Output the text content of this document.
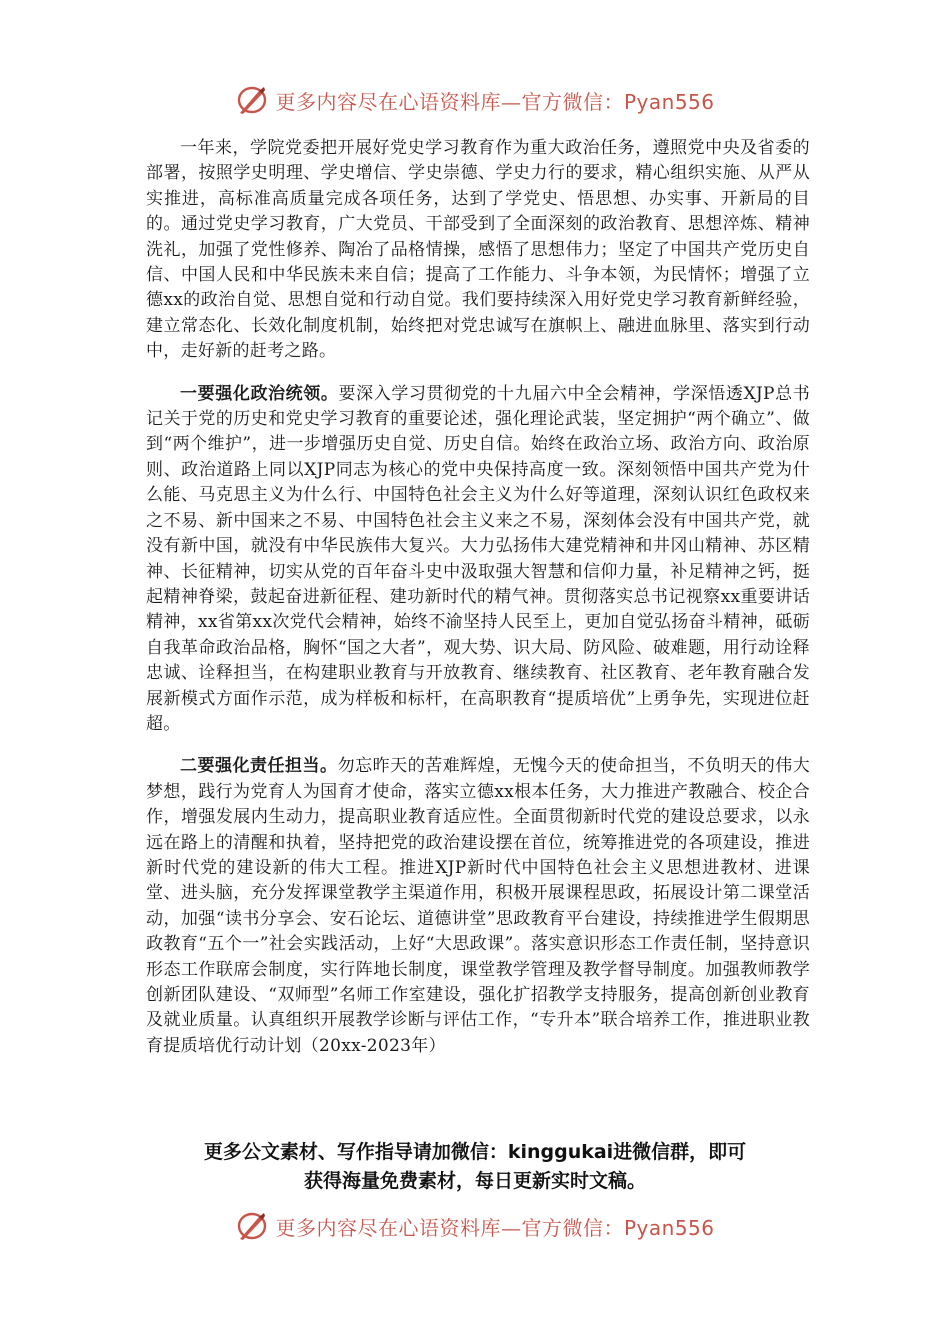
更多内容尽在心语资料库—官方微信：Pyan556

一年来，学院党委把开展好党史学习教育作为重大政治任务，遵照党中央及省委的部署，按照学史明理、学史增信、学史崇德、学史力行的要求，精心组织实施、从严从实推进，高标准高质量完成各项任务，达到了学党史、悟思想、办实事、开新局的目的。通过党史学习教育，广大党员、干部受到了全面深刻的政治教育、思想淬炼、精神洗礼，加强了党性修养、陶冶了品格情操，感悟了思想伟力；坚定了中国共产党历史自信、中国人民和中华民族未来自信；提高了工作能力、斗争本领，为民情怀；增强了立德xx的政治自觉、思想自觉和行动自觉。我们要持续深入用好党史学习教育新鲜经验，建立常态化、长效化制度机制，始终把对党忠诚写在旗帜上、融进血脉里、落实到行动中，走好新的赶考之路。

一要强化政治统领。要深入学习贯彻党的十九届六中全会精神，学深悟透XJP总书记关于党的历史和党史学习教育的重要论述，强化理论武装，坚定拥护“两个确立”、做到“两个维护”，进一步增强历史自觉、历史自信。始终在政治立场、政治方向、政治原则、政治道路上同以XJP同志为核心的党中央保持高度一致。深刻领悟中国共产党为什么能、马克思主义为什么行、中国特色社会主义为什么好等道理，深刻认识红色政权来之不易、新中国来之不易、中国特色社会主义来之不易，深刻体会没有中国共产党，就没有新中国，就没有中华民族伟大复兴。大力弘扬伟大建党精神和井冈山精神、苏区精神、长征精神，切实从党的百年奋斗史中汲取强大智慧和信仰力量，补足精神之钙，挺起精神脊梁，鼓起奋进新征程、建功新时代的精气神。贯彻落实总书记视察xx重要讲话精神，xx省第xx次党代会精神，始终不渝坚持人民至上，更加自觉弘扬奋斗精神，砥砺自我革命政治品格，胸怀“国之大者”，观大势、识大局、防风险、破难题，用行动诠释忠诚、诠释担当，在构建职业教育与开放教育、继续教育、社区教育、老年教育融合发展新模式方面作示范，成为样板和标杆，在高职教育“提质培优”上勇争先，实现进位赶超。

二要强化责任担当。勿忘昨天的苦难辉煌，无愧今天的使命担当，不负明天的伟大梦想，践行为党育人为国育才使命，落实立德xx根本任务，大力推进产教融合、校企合作，增强发展内生动力，提高职业教育适应性。全面贯彻新时代党的建设总要求，以永远在路上的清醒和执着，坚持把党的政治建设摆在首位，统筹推进党的各项建设，推进新时代党的建设新的伟大工程。推进XJP新时代中国特色社会主义思想进教材、进课堂、进头脑，充分发挥课堂教学主渠道作用，积极开展课程思政，拓展设计第二课堂活动，加强“读书分享会、安石论坛、道德讲堂”思政教育平台建设，持续推进学生假期思政教育“五个一”社会实践活动，上好“大思政课”。落实意识形态工作责任制，坚持意识形态工作联席会制度，实行阵地长制度，课堂教学管理及教学督导制度。加强教师教学创新团队建设、“双师型”名师工作室建设，强化扩招教学支持服务，提高创新创业教育及就业质量。认真组织开展教学诊断与评估工作，“专升本”联合培养工作，推进职业教育提质培优行动计划（20xx-2023年）

更多公文素材、写作指导请加微信：kinggukai进微信群，即可
获得海量免费素材，每日更新实时文稿。
更多内容尽在心语资料库—官方微信：Pyan556
